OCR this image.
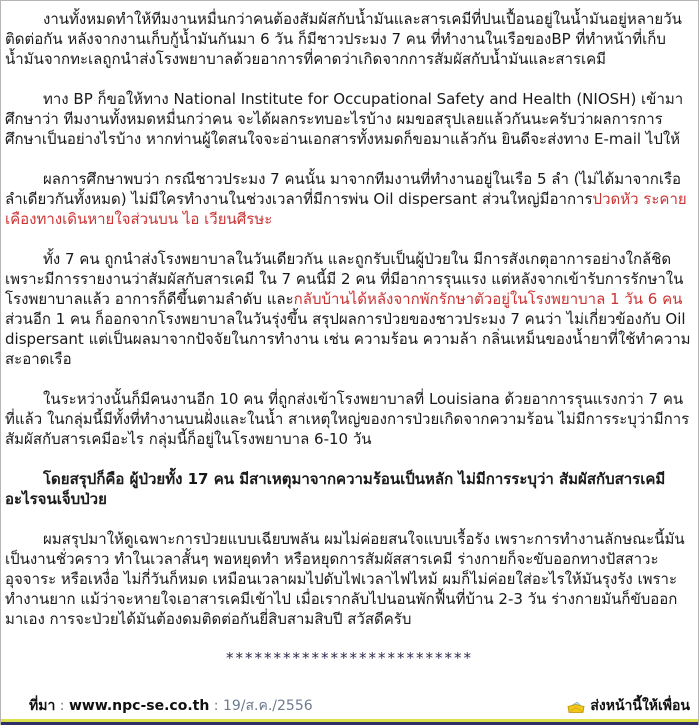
งานทั้งหมดทำให้ทีมงานหมื่นกว่าคนต้องสัมผัสกับน้ำมันและสารเคมีที่ปนเปื้อนอยู่ในน้ำมันอยู่หลายวันติดต่อกัน หลังจากงานเก็บกู้น้ำมันกันมา 6 วัน ก็มีชาวประมง 7 คน ที่ทำงานในเรือของBP ที่ทำหน้าที่เก็บน้ำมันจากทะเลถูกนำส่งโรงพยาบาลด้วยอาการที่คาดว่าเกิดจากการสัมผัสกับน้ำมันและสารเคมี

ทาง BP ก็ขอให้ทาง National Institute for Occupational Safety and Health (NIOSH) เข้ามาศึกษาว่า ทีมงานทั้งหมดหมื่นกว่าคน จะได้ผลกระทบอะไรบ้าง ผมขอสรุปเลยแล้วกันนะครับว่าผลการการศึกษาเป็นอย่างไรบ้าง หากท่านผู้ใดสนใจจะอ่านเอกสารทั้งหมดก็ขอมาแล้วกัน ยินดีจะส่งทาง E-mail ไปให้

ผลการศึกษาพบว่า กรณีชาวประมง 7 คนนั้น มาจากทีมงานที่ทำงานอยู่ในเรือ 5 ลำ (ไม่ได้มาจากเรือลำเดียวกันทั้งหมด) ไม่มีใครทำงานในช่วงเวลาที่มีการพ่น Oil dispersant ส่วนใหญ่มีอาการปวดหัว ระคายเคืองทางเดินหายใจส่วนบน ไอ เวียนศีรษะ

ทั้ง 7 คน ถูกนำส่งโรงพยาบาลในวันเดียวกัน และถูกรับเป็นผู้ป่วยใน มีการสังเกตุอาการอย่างใกล้ชิดเพราะมีการรายงานว่าสัมผัสกับสารเคมี ใน 7 คนนี้มี 2 คน ที่มีอาการรุนแรง แต่หลังจากเข้ารับการรักษาในโรงพยาบาลแล้ว อาการก็ดีขึ้นตามลำดับ และกลับบ้านได้หลังจากพักรักษาตัวอยู่ในโรงพยาบาล 1 วัน 6 คน ส่วนอีก 1 คน ก็ออกจากโรงพยาบาลในวันรุ่งขึ้น สรุปผลการป่วยของชาวประมง 7 คนว่า ไม่เกี่ยวข้องกับ Oil dispersant แต่เป็นผลมาจากปัจจัยในการทำงาน เช่น ความร้อน ความล้า กลิ่นเหม็นของน้ำยาที่ใช้ทำความสะอาดเรือ

ในระหว่างนั้นก็มีคนงานอีก 10 คน ที่ถูกส่งเข้าโรงพยาบาลที่ Louisiana ด้วยอาการรุนแรงกว่า 7 คนที่แล้ว ในกลุ่มนี้มีทั้งที่ทำงานบนฝั่งและในน้ำ สาเหตุใหญ่ของการป่วยเกิดจากความร้อน ไม่มีการระบุว่ามีการสัมผัสกับสารเคมีอะไร กลุ่มนี้ก็อยู่ในโรงพยาบาล 6-10 วัน

โดยสรุปก็คือ ผู้ป่วยทั้ง 17 คน มีสาเหตุมาจากความร้อนเป็นหลัก ไม่มีการระบุว่า สัมผัสกับสารเคมีอะไรจนเจ็บป่วย

ผมสรุปมาให้ดูเฉพาะการป่วยแบบเฉียบพลัน ผมไม่ค่อยสนใจแบบเรื้อรัง เพราะการทำงานลักษณะนี้มันเป็นงานชั่วคราว ทำในเวลาสั้นๆ พอหยุดทำ หรือหยุดการสัมผัสสารเคมี ร่างกายก็จะขับออกทางปัสสาวะ อุจจาระ หรือเหงื่อ ไม่กี่วันก็หมด เหมือนเวลาผมไปดับไฟเวลาไฟไหม้ ผมก็ไม่ค่อยใส่อะไรให้มันรุงรัง เพราะทำงานยาก แม้ว่าจะหายใจเอาสารเคมีเข้าไป เมื่อเรากลับไปนอนพักฟื้นที่บ้าน 2-3 วัน ร่างกายมันก็ขับออกมาเอง การจะป่วยได้มันต้องดมติดต่อกันยี่สิบสามสิบปี สวัสดีครับ

**************************
ที่มา : www.npc-se.co.th : 19/ส.ค./2556	ส่งหน้านี้ให้เพื่อน
